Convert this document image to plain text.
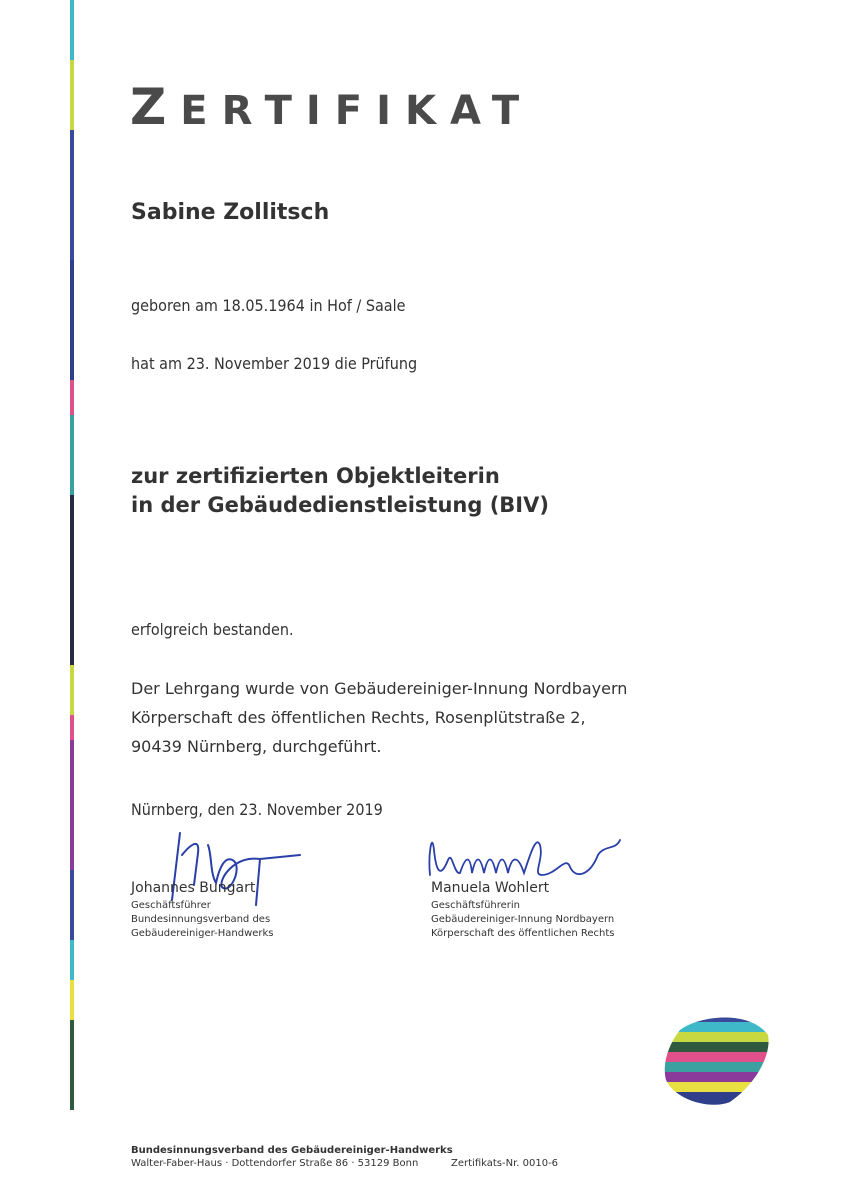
ZERTIFIKAT
Sabine Zollitsch
geboren am 18.05.1964 in Hof / Saale
hat am 23. November 2019 die Prüfung
zur zertifizierten Objektleiterin
in der Gebäudedienstleistung (BIV)
erfolgreich bestanden.
Der Lehrgang wurde von Gebäudereiniger-Innung Nordbayern
Körperschaft des öffentlichen Rechts, Rosenplütstraße 2,
90439 Nürnberg, durchgeführt.
Nürnberg, den 23. November 2019
Johannes Bungart
Geschäftsführer
Bundesinnungsverband des
Gebäudereiniger-Handwerks
Manuela Wohlert
Geschäftsführerin
Gebäudereiniger-Innung Nordbayern
Körperschaft des öffentlichen Rechts
Bundesinnungsverband des Gebäudereiniger-Handwerks
Walter-Faber-Haus · Dottendorfer Straße 86 · 53129 Bonn	Zertifikats-Nr. 0010-6
